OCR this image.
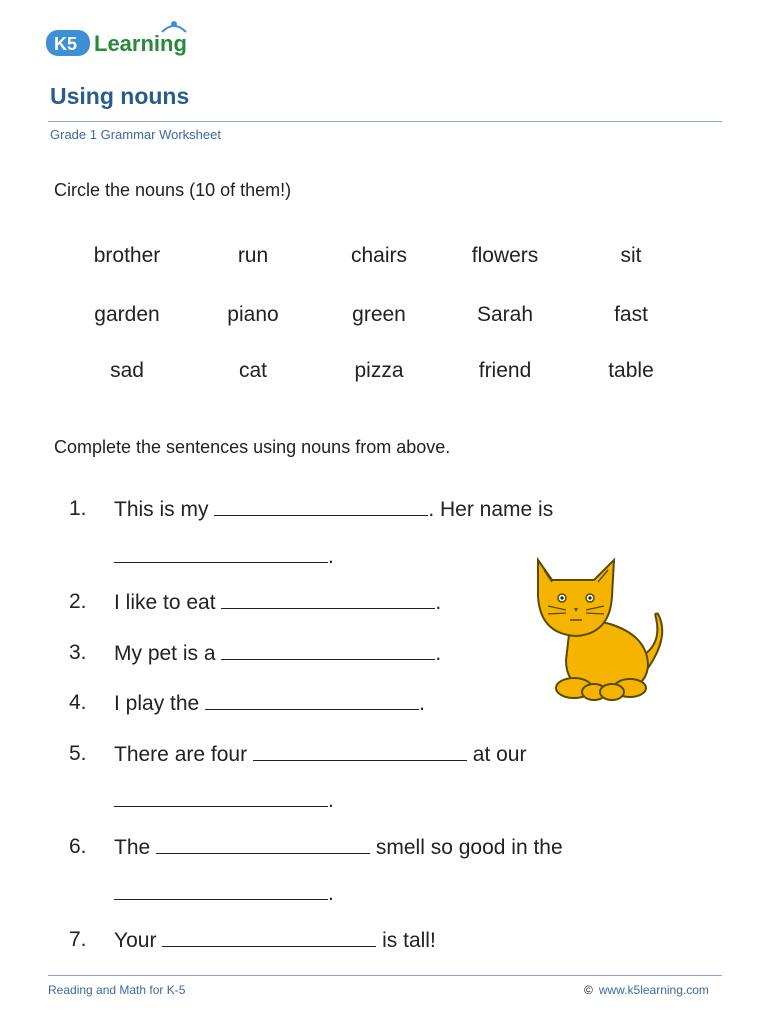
K5 Learning
Using nouns
Grade 1 Grammar Worksheet
Circle the nouns (10 of them!)
brother	run	chairs	flowers	sit
garden	piano	green	Sarah	fast
sad	cat	pizza	friend	table
Complete the sentences using nouns from above.
1. This is my	. Her name is
.
2. I like to eat	.
3. My pet is a	.
4. I play the	.
5. There are four	at our
.
6. The	smell so good in the
.
7. Your	is tall!
Reading and Math for K-5	© www.k5learning.com
